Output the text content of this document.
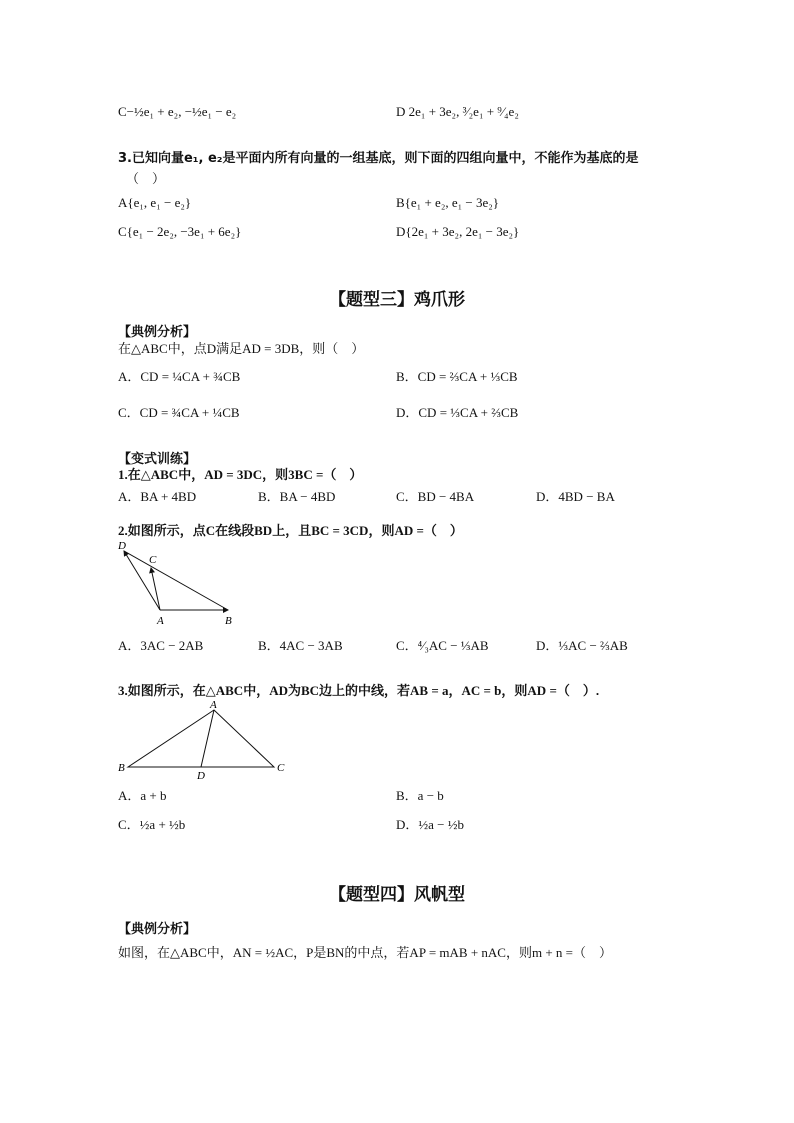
C−½e₁ + e₂, −½e₁ − e₂	D 2e₁ + 3e₂, ³⁄₂e₁ + ⁹⁄₄e₂
3.已知向量e₁, e₂是平面内所有向量的一组基底，则下面的四组向量中，不能作为基底的是
（　）
A{e₁, e₁ − e₂}	B{e₁ + e₂, e₁ − 3e₂}
C{e₁ − 2e₂, −3e₁ + 6e₂}	D{2e₁ + 3e₂, 2e₁ − 3e₂}
【题型三】鸡爪形
【典例分析】
在△ABC中，点D满足AD = 3DB，则（　）
A．CD = ¼CA + ¾CB	B．CD = ⅔CA + ⅓CB
C．CD = ¾CA + ¼CB	D．CD = ⅓CA + ⅔CB
【变式训练】
1.在△ABC中，AD = 3DC，则3BC =（　）
A．BA + 4BD	B．BA − 4BD	C．BD − 4BA	D．4BD − BA
2.如图所示，点C在线段BD上，且BC = 3CD，则AD =（　）
D
C
A	B
A．3AC − 2AB	B．4AC − 3AB	C．⁴⁄₃AC − ⅓AB	D．⅓AC − ⅔AB
3.如图所示，在△ABC中，AD为BC边上的中线，若AB = a，AC = b，则AD =（　）.
A
B	C
D
A．a + b	B．a − b
C．½a + ½b	D．½a − ½b
【题型四】风帆型
【典例分析】
如图，在△ABC中，AN = ½AC，P是BN的中点，若AP = mAB + nAC，则m + n =（　）
